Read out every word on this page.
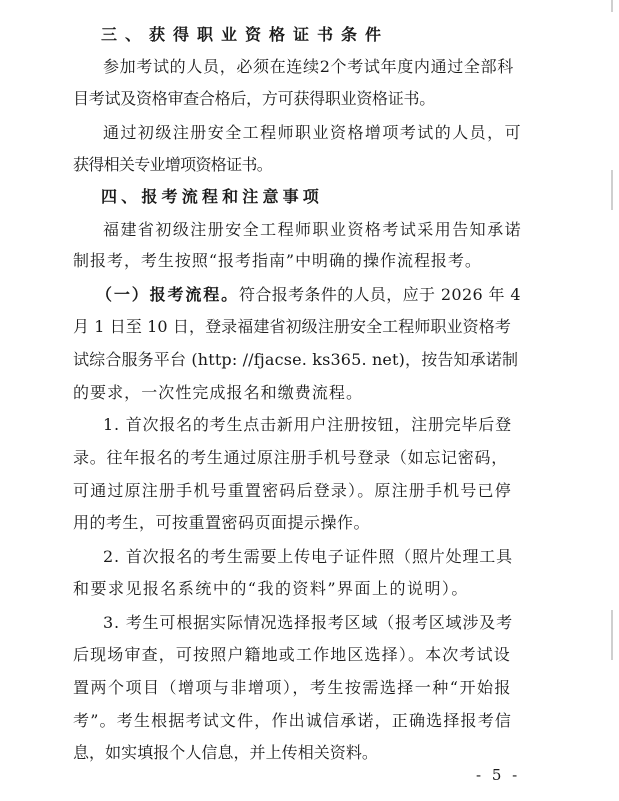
三、获得职业资格证书条件
参加考试的人员，必须在连续2个考试年度内通过全部科
目考试及资格审查合格后，方可获得职业资格证书。
通过初级注册安全工程师职业资格增项考试的人员，可
获得相关专业增项资格证书。
四、报考流程和注意事项
福建省初级注册安全工程师职业资格考试采用告知承诺
制报考，考生按照“报考指南”中明确的操作流程报考。
（一）报考流程。符合报考条件的人员，应于 2026 年 4
月 1 日至 10 日，登录福建省初级注册安全工程师职业资格考
试综合服务平台 (http: //fjacse. ks365. net)，按告知承诺制
的要求，一次性完成报名和缴费流程。
1. 首次报名的考生点击新用户注册按钮，注册完毕后登
录。往年报名的考生通过原注册手机号登录（如忘记密码，
可通过原注册手机号重置密码后登录）。原注册手机号已停
用的考生，可按重置密码页面提示操作。
2. 首次报名的考生需要上传电子证件照（照片处理工具
和要求见报名系统中的“我的资料”界面上的说明）。
3. 考生可根据实际情况选择报考区域（报考区域涉及考
后现场审查，可按照户籍地或工作地区选择）。本次考试设
置两个项目（增项与非增项），考生按需选择一种“开始报
考”。考生根据考试文件，作出诚信承诺，正确选择报考信
息，如实填报个人信息，并上传相关资料。
- 5 -
